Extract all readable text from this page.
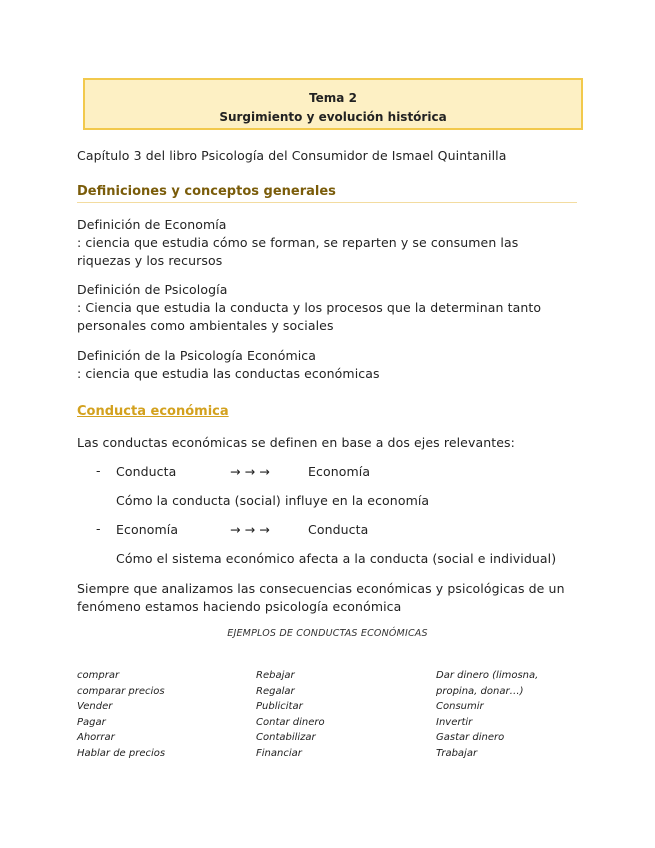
Tema 2
Surgimiento y evolución histórica
Capítulo 3 del libro Psicología del Consumidor de Ismael Quintanilla
Definiciones y conceptos generales
Definición de Economía
: ciencia que estudia cómo se forman, se reparten y se consumen las
riquezas y los recursos
Definición de Psicología
: Ciencia que estudia la conducta y los procesos que la determinan tanto
personales como ambientales y sociales
Definición de la Psicología Económica
: ciencia que estudia las conductas económicas
Conducta económica
Las conductas económicas se definen en base a dos ejes relevantes:
- Conducta	→ → →	Economía
Cómo la conducta (social) influye en la economía
- Economía	→ → →	Conducta
Cómo el sistema económico afecta a la conducta (social e individual)
Siempre que analizamos las consecuencias económicas y psicológicas de un
fenómeno estamos haciendo psicología económica
EJEMPLOS DE CONDUCTAS ECONÓMICAS
comprar
comparar precios
Vender
Pagar
Ahorrar
Hablar de precios
Rebajar
Regalar
Publicitar
Contar dinero
Contabilizar
Financiar
Dar dinero (limosna,
propina, donar…)
Consumir
Invertir
Gastar dinero
Trabajar
